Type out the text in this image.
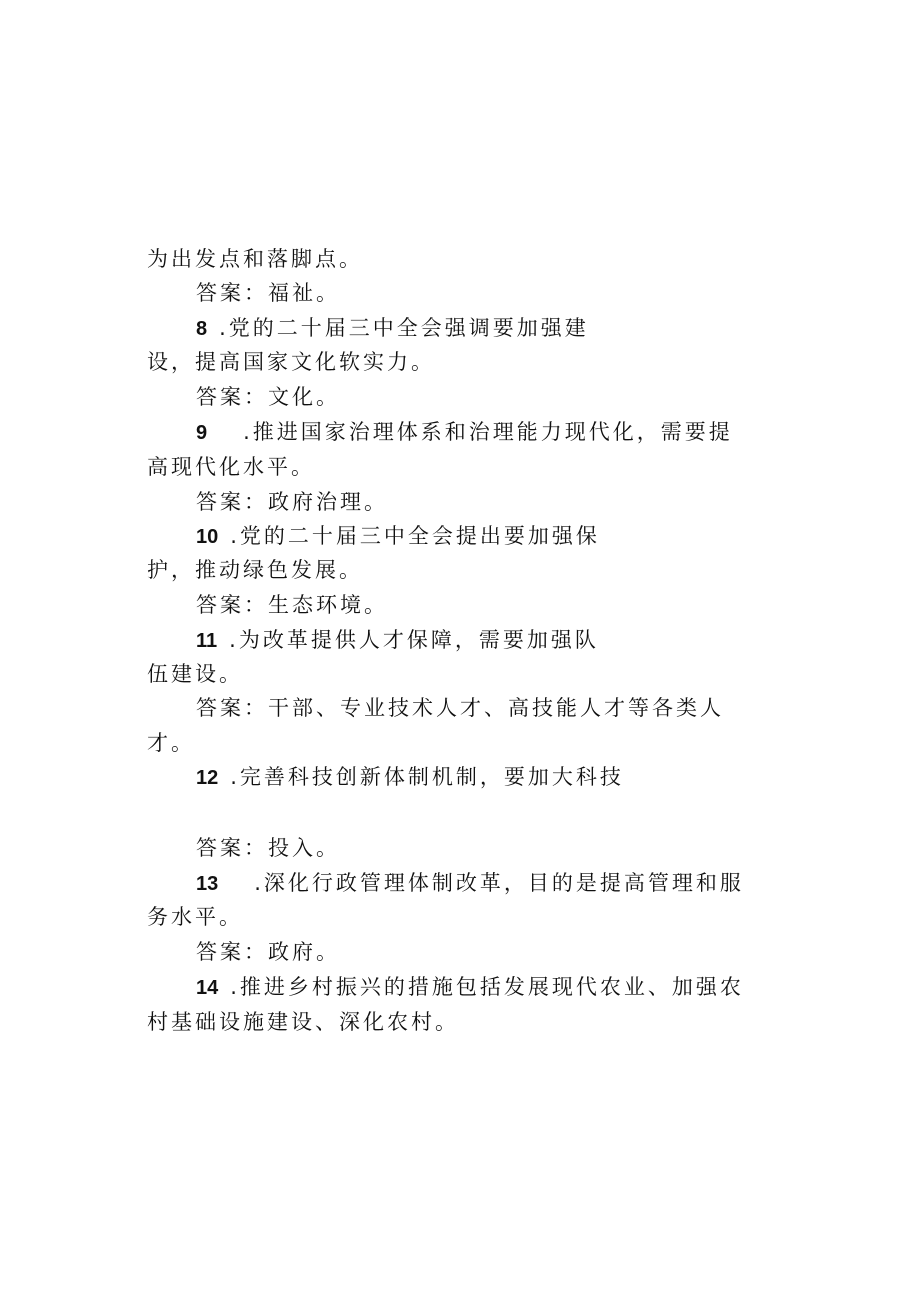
为出发点和落脚点。
答案：福祉。
8 .党的二十届三中全会强调要加强建
设，提高国家文化软实力。
答案：文化。
9 .推进国家治理体系和治理能力现代化，需要提
高现代化水平。
答案：政府治理。
10 .党的二十届三中全会提出要加强保
护，推动绿色发展。
答案：生态环境。
11 .为改革提供人才保障，需要加强队
伍建设。
答案：干部、专业技术人才、高技能人才等各类人
才。
12 .完善科技创新体制机制，要加大科技
答案：投入。
13 .深化行政管理体制改革，目的是提高管理和服
务水平。
答案：政府。
14 .推进乡村振兴的措施包括发展现代农业、加强农
村基础设施建设、深化农村。
